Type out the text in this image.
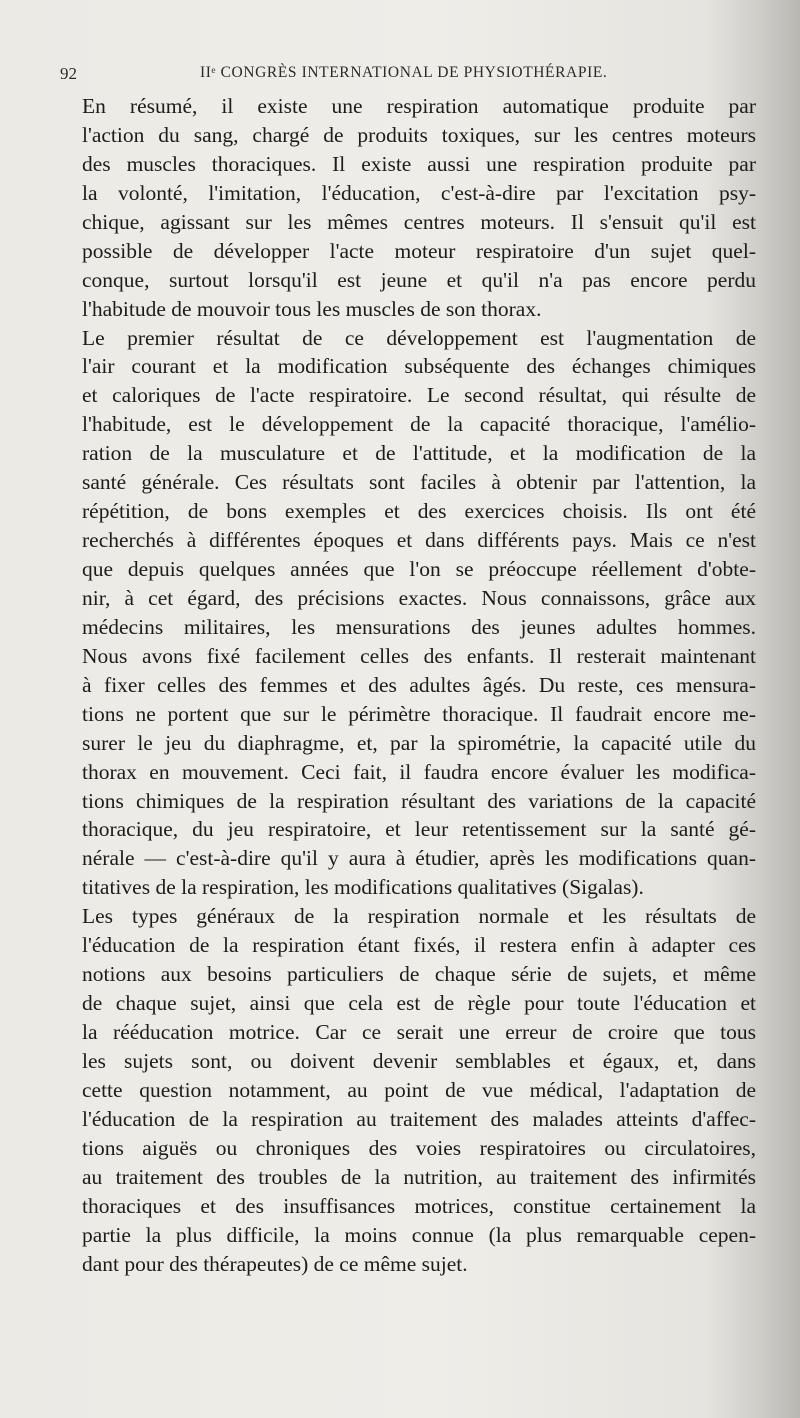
92	IIᵉ CONGRÈS INTERNATIONAL DE PHYSIOTHÉRAPIE.
En résumé, il existe une respiration automatique produite par
l'action du sang, chargé de produits toxiques, sur les centres moteurs
des muscles thoraciques. Il existe aussi une respiration produite par
la volonté, l'imitation, l'éducation, c'est-à-dire par l'excitation psy-
chique, agissant sur les mêmes centres moteurs. Il s'ensuit qu'il est
possible de développer l'acte moteur respiratoire d'un sujet quel-
conque, surtout lorsqu'il est jeune et qu'il n'a pas encore perdu
l'habitude de mouvoir tous les muscles de son thorax.
Le premier résultat de ce développement est l'augmentation de
l'air courant et la modification subséquente des échanges chimiques
et caloriques de l'acte respiratoire. Le second résultat, qui résulte de
l'habitude, est le développement de la capacité thoracique, l'amélio-
ration de la musculature et de l'attitude, et la modification de la
santé générale. Ces résultats sont faciles à obtenir par l'attention, la
répétition, de bons exemples et des exercices choisis. Ils ont été
recherchés à différentes époques et dans différents pays. Mais ce n'est
que depuis quelques années que l'on se préoccupe réellement d'obte-
nir, à cet égard, des précisions exactes. Nous connaissons, grâce aux
médecins militaires, les mensurations des jeunes adultes hommes.
Nous avons fixé facilement celles des enfants. Il resterait maintenant
à fixer celles des femmes et des adultes âgés. Du reste, ces mensura-
tions ne portent que sur le périmètre thoracique. Il faudrait encore me-
surer le jeu du diaphragme, et, par la spirométrie, la capacité utile du
thorax en mouvement. Ceci fait, il faudra encore évaluer les modifica-
tions chimiques de la respiration résultant des variations de la capacité
thoracique, du jeu respiratoire, et leur retentissement sur la santé gé-
nérale — c'est-à-dire qu'il y aura à étudier, après les modifications quan-
titatives de la respiration, les modifications qualitatives (Sigalas).
Les types généraux de la respiration normale et les résultats de
l'éducation de la respiration étant fixés, il restera enfin à adapter ces
notions aux besoins particuliers de chaque série de sujets, et même
de chaque sujet, ainsi que cela est de règle pour toute l'éducation et
la rééducation motrice. Car ce serait une erreur de croire que tous
les sujets sont, ou doivent devenir semblables et égaux, et, dans
cette question notamment, au point de vue médical, l'adaptation de
l'éducation de la respiration au traitement des malades atteints d'affec-
tions aiguës ou chroniques des voies respiratoires ou circulatoires,
au traitement des troubles de la nutrition, au traitement des infirmités
thoraciques et des insuffisances motrices, constitue certainement la
partie la plus difficile, la moins connue (la plus remarquable cepen-
dant pour des thérapeutes) de ce même sujet.
